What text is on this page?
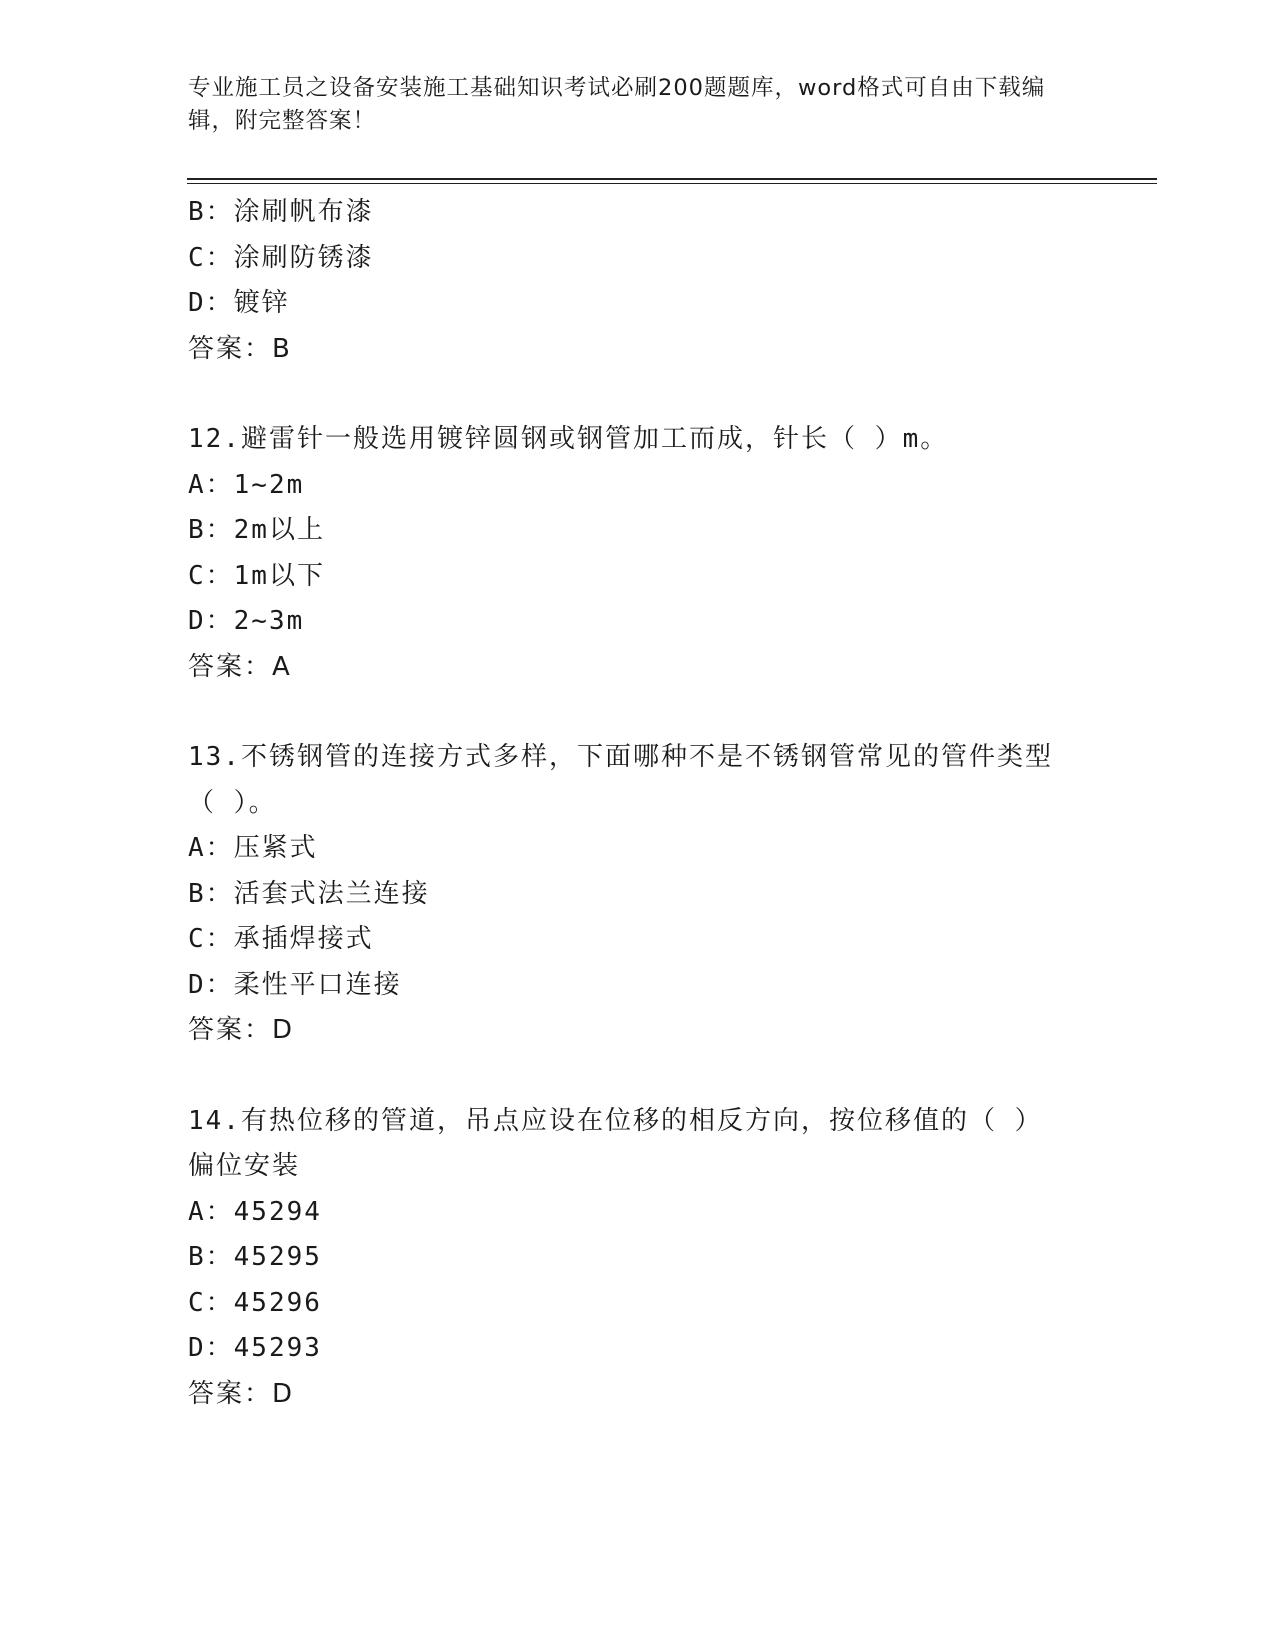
专业施工员之设备安装施工基础知识考试必刷200题题库，word格式可自由下载编辑，附完整答案！
B：涂刷帆布漆
C：涂刷防锈漆
D：镀锌
答案：B
12.避雷针一般选用镀锌圆钢或钢管加工而成，针长（ ）m。
A：1~2m
B：2m以上
C：1m以下
D：2~3m
答案：A
13.不锈钢管的连接方式多样，下面哪种不是不锈钢管常见的管件类型（ ）。
A：压紧式
B：活套式法兰连接
C：承插焊接式
D：柔性平口连接
答案：D
14.有热位移的管道，吊点应设在位移的相反方向，按位移值的（ ）偏位安装
A：45294
B：45295
C：45296
D：45293
答案：D
